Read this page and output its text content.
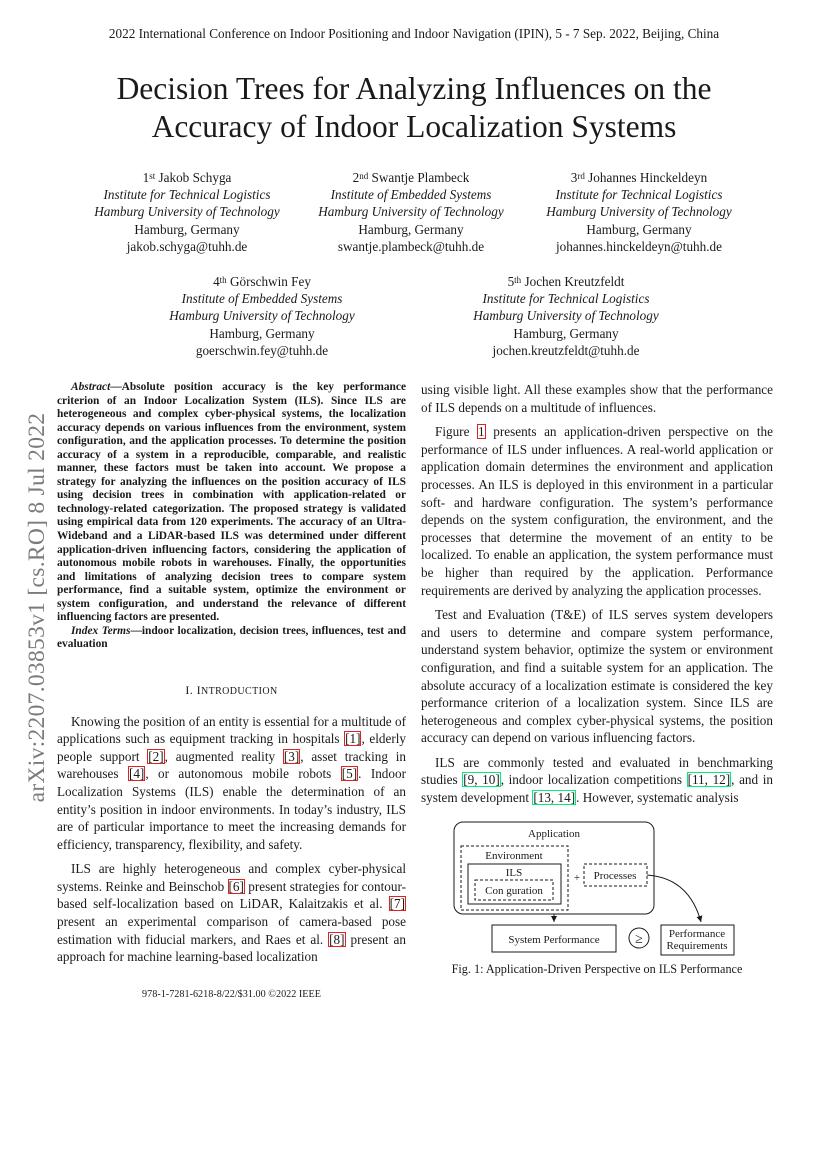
2022 International Conference on Indoor Positioning and Indoor Navigation (IPIN), 5 - 7 Sep. 2022, Beijing, China
Decision Trees for Analyzing Influences on the
Accuracy of Indoor Localization Systems
1st Jakob Schyga
Institute for Technical Logistics
Hamburg University of Technology
Hamburg, Germany
jakob.schyga@tuhh.de
2nd Swantje Plambeck
Institute of Embedded Systems
Hamburg University of Technology
Hamburg, Germany
swantje.plambeck@tuhh.de
3rd Johannes Hinckeldeyn
Institute for Technical Logistics
Hamburg University of Technology
Hamburg, Germany
johannes.hinckeldeyn@tuhh.de
4th Görschwin Fey
Institute of Embedded Systems
Hamburg University of Technology
Hamburg, Germany
goerschwin.fey@tuhh.de
5th Jochen Kreutzfeldt
Institute for Technical Logistics
Hamburg University of Technology
Hamburg, Germany
jochen.kreutzfeldt@tuhh.de
arXiv:2207.03853v1 [cs.RO] 8 Jul 2022

Abstract—Absolute position accuracy is the key performance criterion of an Indoor Localization System (ILS). Since ILS are heterogeneous and complex cyber-physical systems, the localization accuracy depends on various influences from the environment, system configuration, and the application processes. To determine the position accuracy of a system in a reproducible, comparable, and realistic manner, these factors must be taken into account. We propose a strategy for analyzing the influences on the position accuracy of ILS using decision trees in combination with application-related or technology-related categorization. The proposed strategy is validated using empirical data from 120 experiments. The accuracy of an Ultra-Wideband and a LiDAR-based ILS was determined under different application-driven influencing factors, considering the application of autonomous mobile robots in warehouses. Finally, the opportunities and limitations of analyzing decision trees to compare system performance, find a suitable system, optimize the environment or system configuration, and understand the relevance of different influencing factors are presented.

Index Terms—indoor localization, decision trees, influences, test and evaluation

I. INTRODUCTION

Knowing the position of an entity is essential for a multitude of applications such as equipment tracking in hospitals [1], elderly people support [2], augmented reality [3], asset tracking in warehouses [4], or autonomous mobile robots [5]. Indoor Localization Systems (ILS) enable the determination of an entity’s position in indoor environments. In today’s industry, ILS are of particular importance to meet the increasing demands for efficiency, transparency, flexibility, and safety.

ILS are highly heterogeneous and complex cyber-physical systems. Reinke and Beinschob [6] present strategies for contour-based self-localization based on LiDAR, Kalaitzakis et al. [7] present an experimental comparison of camera-based pose estimation with fiducial markers, and Raes et al. [8] present an approach for machine learning-based localization

978-1-7281-6218-8/22/$31.00 ©2022 IEEE

using visible light. All these examples show that the performance of ILS depends on a multitude of influences.

Figure 1 presents an application-driven perspective on the performance of ILS under influences. A real-world application or application domain determines the environment and application processes. An ILS is deployed in this environment in a particular soft- and hardware configuration. The system’s performance depends on the system configuration, the environment, and the processes that determine the movement of an entity to be localized. To enable an application, the system performance must be higher than required by the application. Performance requirements are derived by analyzing the application processes.

Test and Evaluation (T&E) of ILS serves system developers and users to determine and compare system performance, understand system behavior, optimize the system or environment configuration, and find a suitable system for an application. The absolute accuracy of a localization estimate is considered the key performance criterion of a localization system. Since ILS are heterogeneous and complex cyber-physical systems, the position accuracy can depend on various influencing factors.

ILS are commonly tested and evaluated in benchmarking studies [9, 10], indoor localization competitions [11, 12], and in system development [13, 14]. However, systematic analysis

Application
Environment
ILS
Con guration
+ Processes
System Performance	≥ Performance
Requirements
Fig. 1: Application-Driven Perspective on ILS Performance
